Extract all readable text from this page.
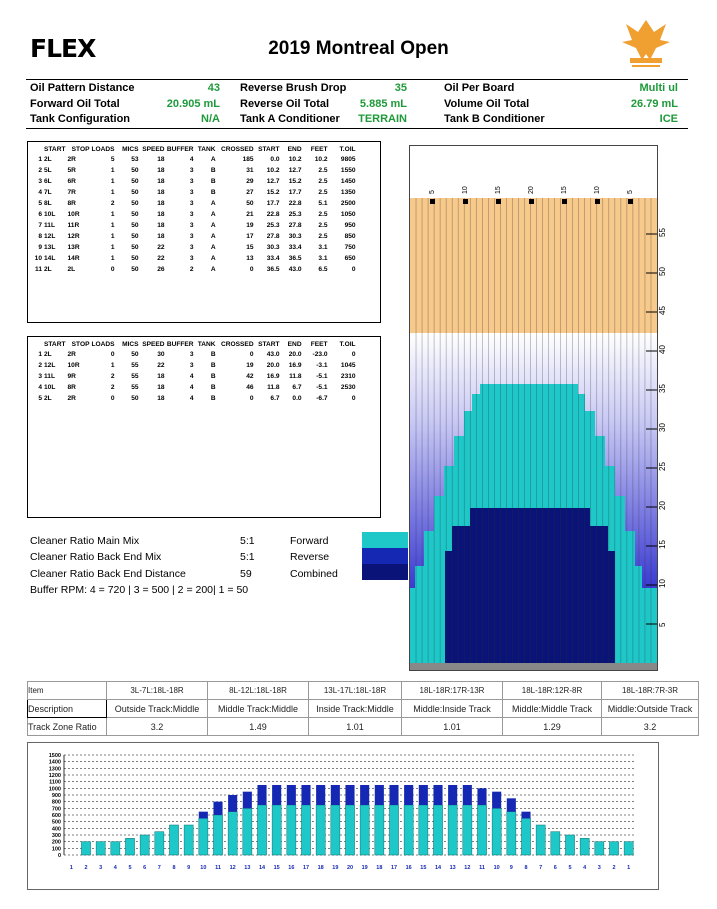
FLEX	2019 Montreal Open
Oil Pattern Distance	43 Reverse Brush Drop	35	Oil Per Board	Multi ul
Forward Oil Total	20.905 mL Reverse Oil Total	5.885 mL	Volume Oil Total	26.79 mL
Tank Configuration	N/A Tank A Conditioner TERRAIN	Tank B Conditioner	ICE
	START	STOP	LOADS	MICS	SPEED	BUFFER	TANK	CROSSED	START	END	FEET	T.OIL
1	2L	2R	5	53	18	4	A	185	0.0	10.2	10.2	9805
2	5L	5R	1	50	18	3	B	31	10.2	12.7	2.5	1550
3	6L	6R	1	50	18	3	B	29	12.7	15.2	2.5	1450
4	7L	7R	1	50	18	3	B	27	15.2	17.7	2.5	1350
5	8L	8R	2	50	18	3	A	50	17.7	22.8	5.1	2500
6	10L	10R	1	50	18	3	A	21	22.8	25.3	2.5	1050
7	11L	11R	1	50	18	3	A	19	25.3	27.8	2.5	950
8	12L	12R	1	50	18	3	A	17	27.8	30.3	2.5	850
9	13L	13R	1	50	22	3	A	15	30.3	33.4	3.1	750
10	14L	14R	1	50	22	3	A	13	33.4	36.5	3.1	650
11	2L	2L	0	50	26	2	A	0	36.5	43.0	6.5	0
	START	STOP	LOADS	MICS	SPEED	BUFFER	TANK	CROSSED	START	END	FEET	T.OIL
1	2L	2R	0	50	30	3	B	0	43.0	20.0	-23.0	0
2	12L	10R	1	55	22	3	B	19	20.0	16.9	-3.1	1045
3	11L	9R	2	55	18	4	B	42	16.9	11.8	-5.1	2310
4	10L	8R	2	55	18	4	B	46	11.8	6.7	-5.1	2530
5	2L	2R	0	50	18	4	B	0	6.7	0.0	-6.7	0
Cleaner Ratio Main Mix	5:1
Cleaner Ratio Back End Mix	5:1
Cleaner Ratio Back End Distance	59
Buffer RPM: 4 = 720 | 3 = 500 | 2 = 200| 1 = 50
Forward
Reverse
Combined
5
10
15
20
25
30
35
40
45
50
55
5	10	15	20	15	10	5
Item	3L-7L:18L-18R	8L-12L:18L-18R	13L-17L:18L-18R	18L-18R:17R-13R	18L-18R:12R-8R	18L-18R:7R-3R
Description	Outside Track:Middle	Middle Track:Middle	Inside Track:Middle	Middle:Inside Track	Middle:Middle Track	Middle:Outside Track
Track Zone Ratio	3.2	1.49	1.01	1.01	1.29	3.2
0
100
200
300
400
500
600
700
800
900
1000
1100
1200
1300
1400
1500
1 2 3 4 5 6 7 8 9 10 11 12 13 14 15 16 17 18 19 20 19 18 17 16 15 14 13 12 11 10 9 8 7 6 5 4 3 2 1
